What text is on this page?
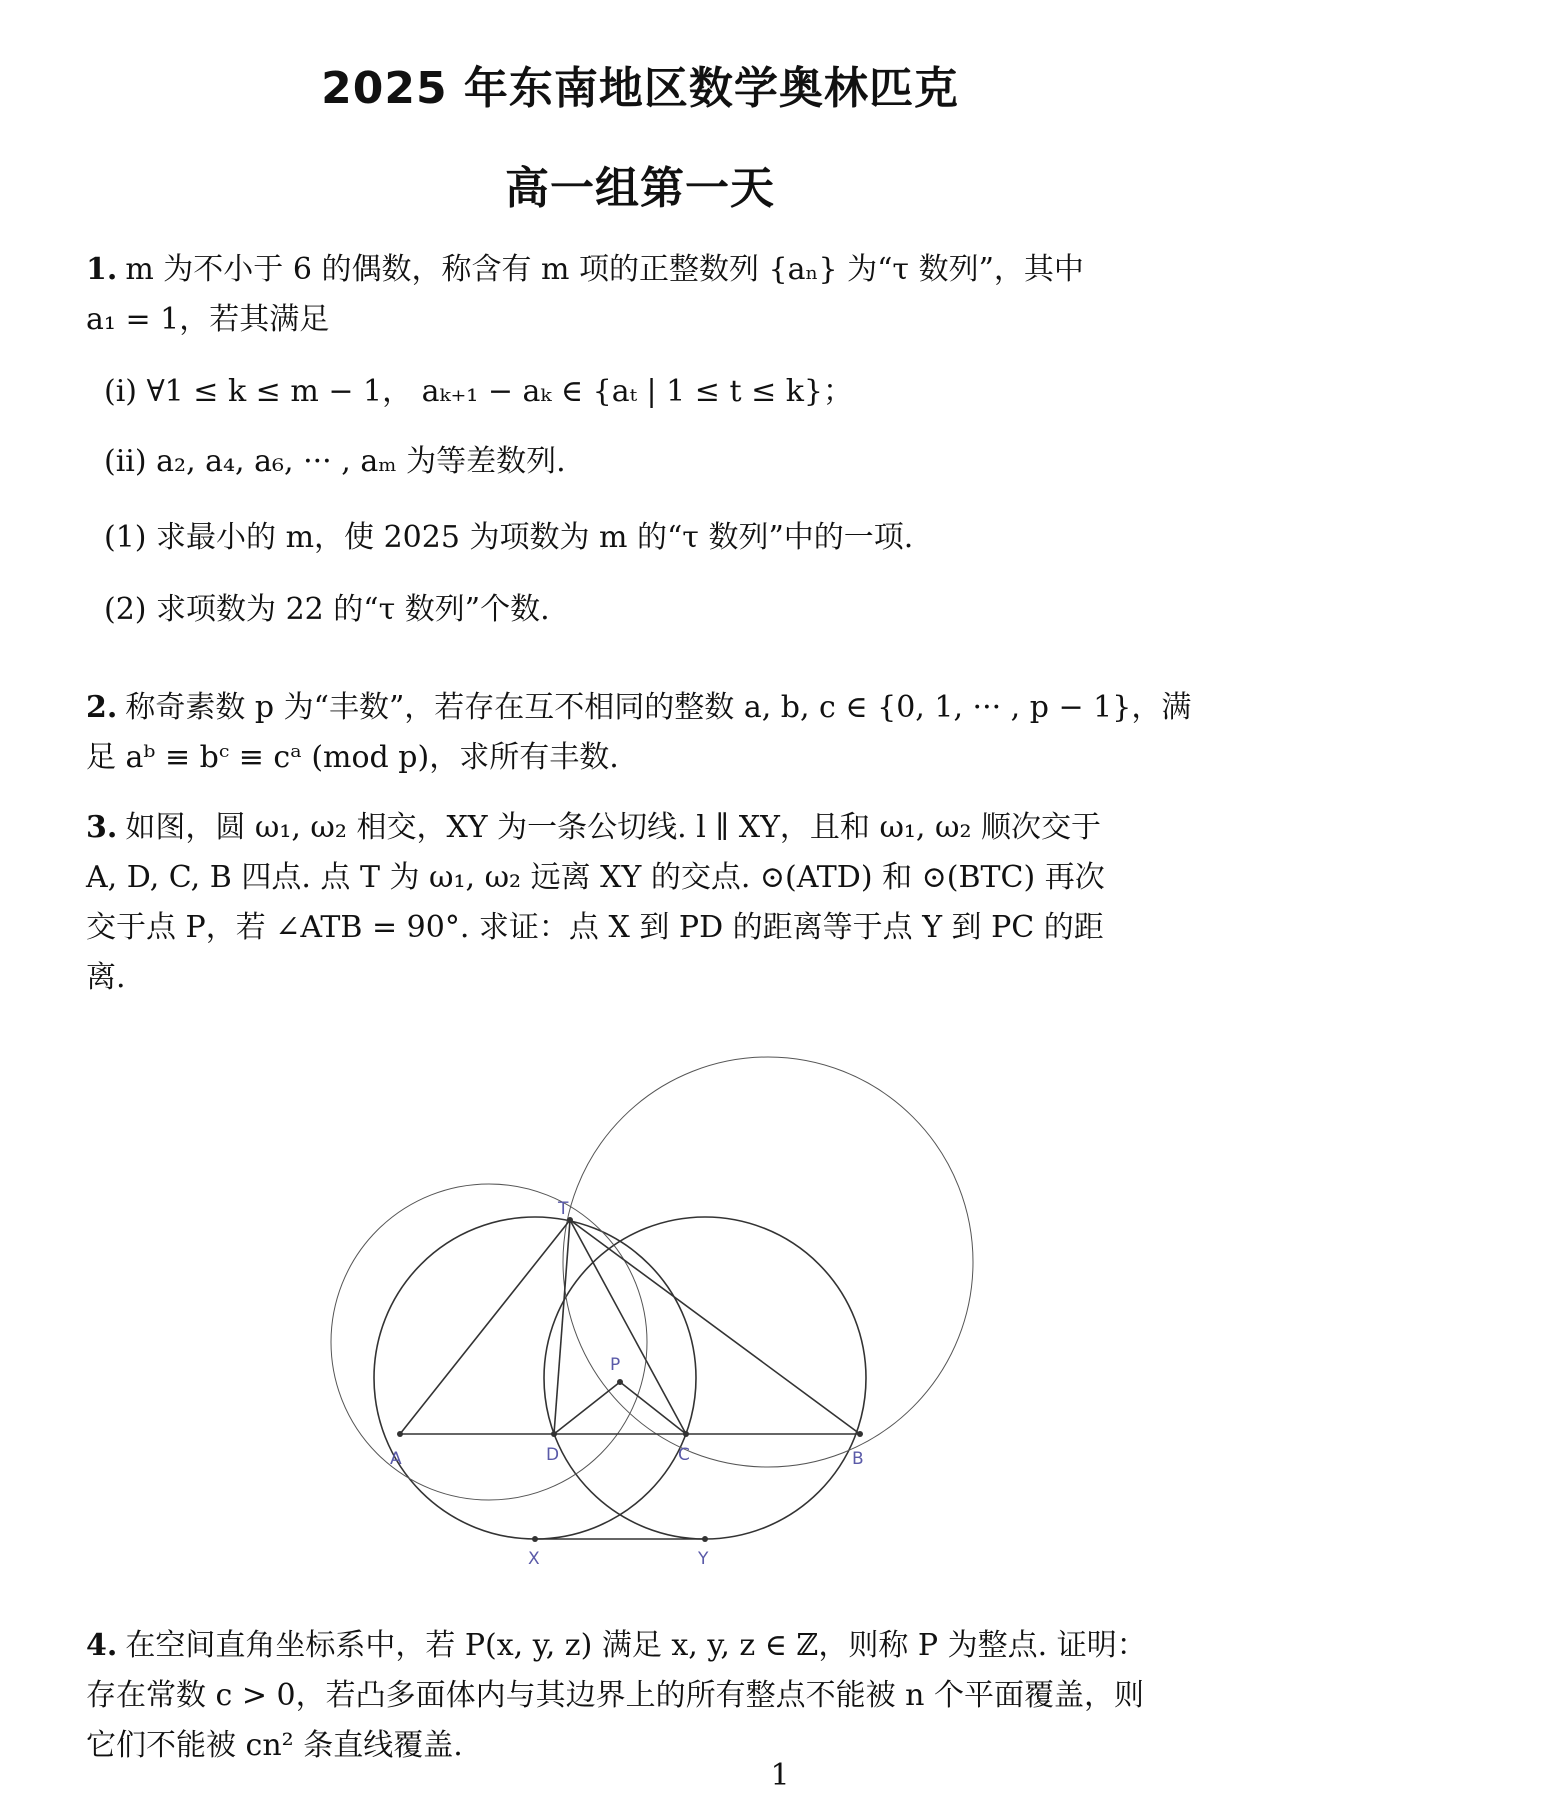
2025 年东南地区数学奥林匹克
高一组第一天
1. m 为不小于 6 的偶数，称含有 m 项的正整数列 {aₙ} 为“τ 数列”，其中
a₁ = 1，若其满足
(i) ∀1 ≤ k ≤ m − 1， aₖ₊₁ − aₖ ∈ {aₜ | 1 ≤ t ≤ k}；
(ii) a₂, a₄, a₆, ··· , aₘ 为等差数列.
(1) 求最小的 m，使 2025 为项数为 m 的“τ 数列”中的一项.
(2) 求项数为 22 的“τ 数列”个数.
2. 称奇素数 p 为“丰数”，若存在互不相同的整数 a, b, c ∈ {0, 1, ··· , p − 1}，满
足 aᵇ ≡ bᶜ ≡ cᵃ (mod p)，求所有丰数.
3. 如图，圆 ω₁, ω₂ 相交，XY 为一条公切线. l ∥ XY，且和 ω₁, ω₂ 顺次交于
A, D, C, B 四点. 点 T 为 ω₁, ω₂ 远离 XY 的交点. ⊙(ATD) 和 ⊙(BTC) 再次
交于点 P，若 ∠ATB = 90°. 求证：点 X 到 PD 的距离等于点 Y 到 PC 的距
离.
T
P
A	D	C	B
X	Y
4. 在空间直角坐标系中，若 P(x, y, z) 满足 x, y, z ∈ ℤ，则称 P 为整点. 证明：
存在常数 c > 0，若凸多面体内与其边界上的所有整点不能被 n 个平面覆盖，则
它们不能被 cn² 条直线覆盖.
1
